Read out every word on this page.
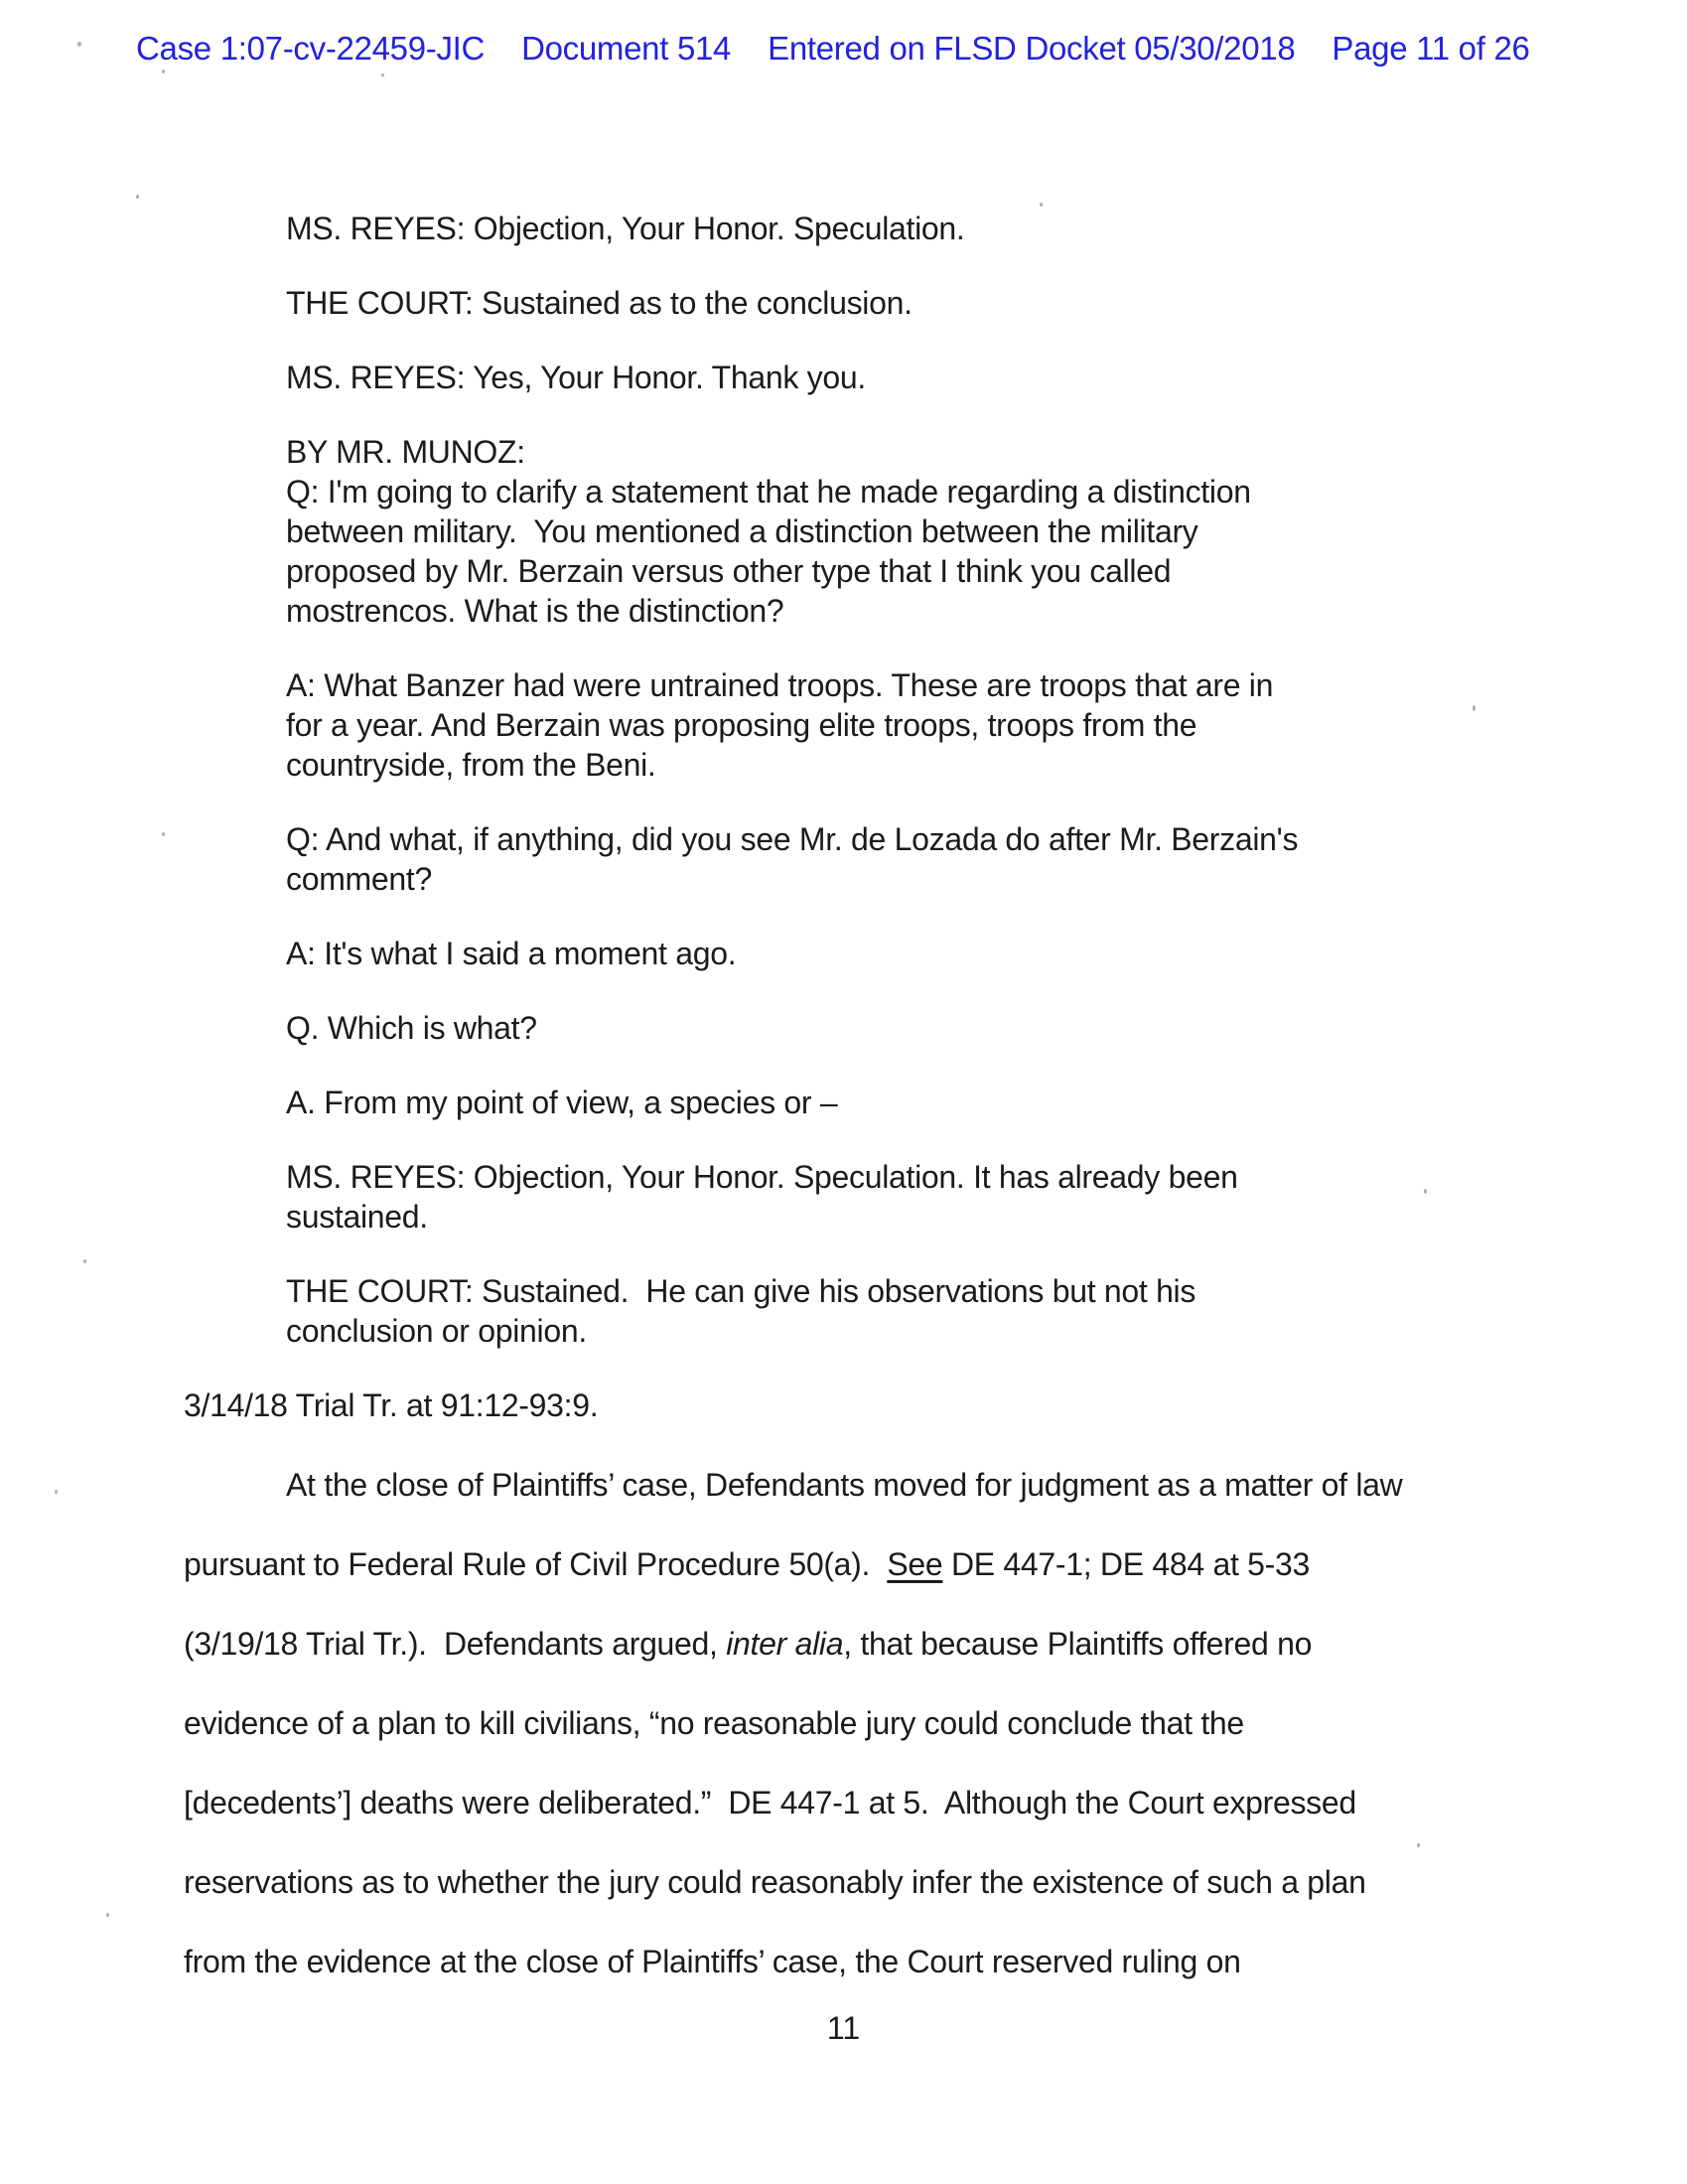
Case 1:07-cv-22459-JIC Document 514 Entered on FLSD Docket 05/30/2018 Page 11 of 26
MS. REYES: Objection, Your Honor. Speculation.
THE COURT: Sustained as to the conclusion.
MS. REYES: Yes, Your Honor. Thank you.
BY MR. MUNOZ:
Q: I'm going to clarify a statement that he made regarding a distinction
between military.  You mentioned a distinction between the military
proposed by Mr. Berzain versus other type that I think you called
mostrencos. What is the distinction?
A: What Banzer had were untrained troops. These are troops that are in
for a year. And Berzain was proposing elite troops, troops from the
countryside, from the Beni.
Q: And what, if anything, did you see Mr. de Lozada do after Mr. Berzain's
comment?
A: It's what I said a moment ago.
Q. Which is what?
A. From my point of view, a species or –
MS. REYES: Objection, Your Honor. Speculation. It has already been
sustained.
THE COURT: Sustained.  He can give his observations but not his
conclusion or opinion.
3/14/18 Trial Tr. at 91:12-93:9.
At the close of Plaintiffs’ case, Defendants moved for judgment as a matter of law
pursuant to Federal Rule of Civil Procedure 50(a).  See DE 447-1; DE 484 at 5-33
(3/19/18 Trial Tr.).  Defendants argued, inter alia, that because Plaintiffs offered no
evidence of a plan to kill civilians, “no reasonable jury could conclude that the
[decedents’] deaths were deliberated.”  DE 447-1 at 5.  Although the Court expressed
reservations as to whether the jury could reasonably infer the existence of such a plan
from the evidence at the close of Plaintiffs’ case, the Court reserved ruling on
11
